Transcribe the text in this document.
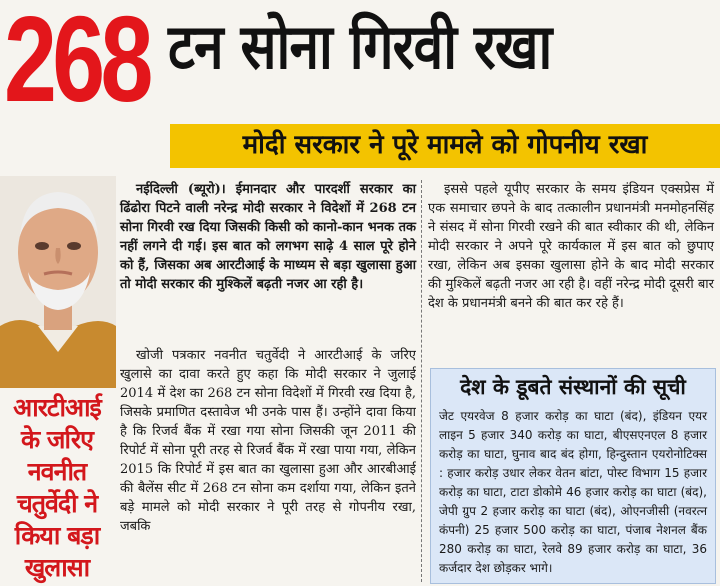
268 टन सोना गिरवी रखा
मोदी सरकार ने पूरे मामले को गोपनीय रखा
आरटीआई
के जरिए
नवनीत
चतुर्वेदी ने
किया बड़ा
खुलासा

नईदिल्ली (ब्यूरो)। ईमानदार और पारदर्शी सरकार का ढिंढोरा पिटने वाली नरेन्द्र मोदी सरकार ने विदेशों में 268 टन सोना गिरवी रख दिया जिसकी किसी को कानो-कान भनक तक नहीं लगने दी गई। इस बात को लगभग साढ़े 4 साल पूरे होने को हैं, जिसका अब आरटीआई के माध्यम से बड़ा खुलासा हुआ तो मोदी सरकार की मुश्किलें बढ़ती नजर आ रही है।

खोजी पत्रकार नवनीत चतुर्वेदी ने आरटीआई के जरिए खुलासे का दावा करते हुए कहा कि मोदी सरकार ने जुलाई 2014 में देश का 268 टन सोना विदेशों में गिरवी रख दिया है, जिसके प्रमाणित दस्तावेज भी उनके पास हैं। उन्होंने दावा किया है कि रिजर्व बैंक में रखा गया सोना जिसकी जून 2011 की रिपोर्ट में सोना पूरी तरह से रिजर्व बैंक में रखा पाया गया, लेकिन 2015 कि रिपोर्ट में इस बात का खुलासा हुआ और आरबीआई की बैलेंस सीट में 268 टन सोना कम दर्शाया गया, लेकिन इतने बड़े मामले को मोदी सरकार ने पूरी तरह से गोपनीय रखा, जबकि

इससे पहले यूपीए सरकार के समय इंडियन एक्सप्रेस में एक समाचार छपने के बाद तत्कालीन प्रधानमंत्री मनमोहनसिंह ने संसद में सोना गिरवी रखने की बात स्वीकार की थी, लेकिन मोदी सरकार ने अपने पूरे कार्यकाल में इस बात को छुपाए रखा, लेकिन अब इसका खुलासा होने के बाद मोदी सरकार की मुश्किलें बढ़ती नजर आ रही है। वहीं नरेन्द्र मोदी दूसरी बार देश के प्रधानमंत्री बनने की बात कर रहे हैं।

देश के डूबते संस्थानों की सूची
जेट एयरवेज 8 हजार करोड़ का घाटा (बंद), इंडियन एयर लाइन 5 हजार 340 करोड़ का घाटा, बीएसएनएल 8 हजार करोड़ का घाटा, घुनाव बाद बंद होगा, हिन्दुस्तान एयरोनोटिक्स : हजार करोड़ उधार लेकर वेतन बांटा, पोस्ट विभाग 15 हजार करोड़ का घाटा, टाटा डोकोमे 46 हजार करोड़ का घाटा (बंद), जेपी ग्रुप 2 हजार करोड़ का घाटा (बंद), ओएनजीसी (नवरत्न कंपनी) 25 हजार 500 करोड़ का घाटा, पंजाब नेशनल बैंक 280 करोड़ का घाटा, रेलवे 89 हजार करोड़ का घाटा, 36 कर्जदार देश छोड़कर भागे।
